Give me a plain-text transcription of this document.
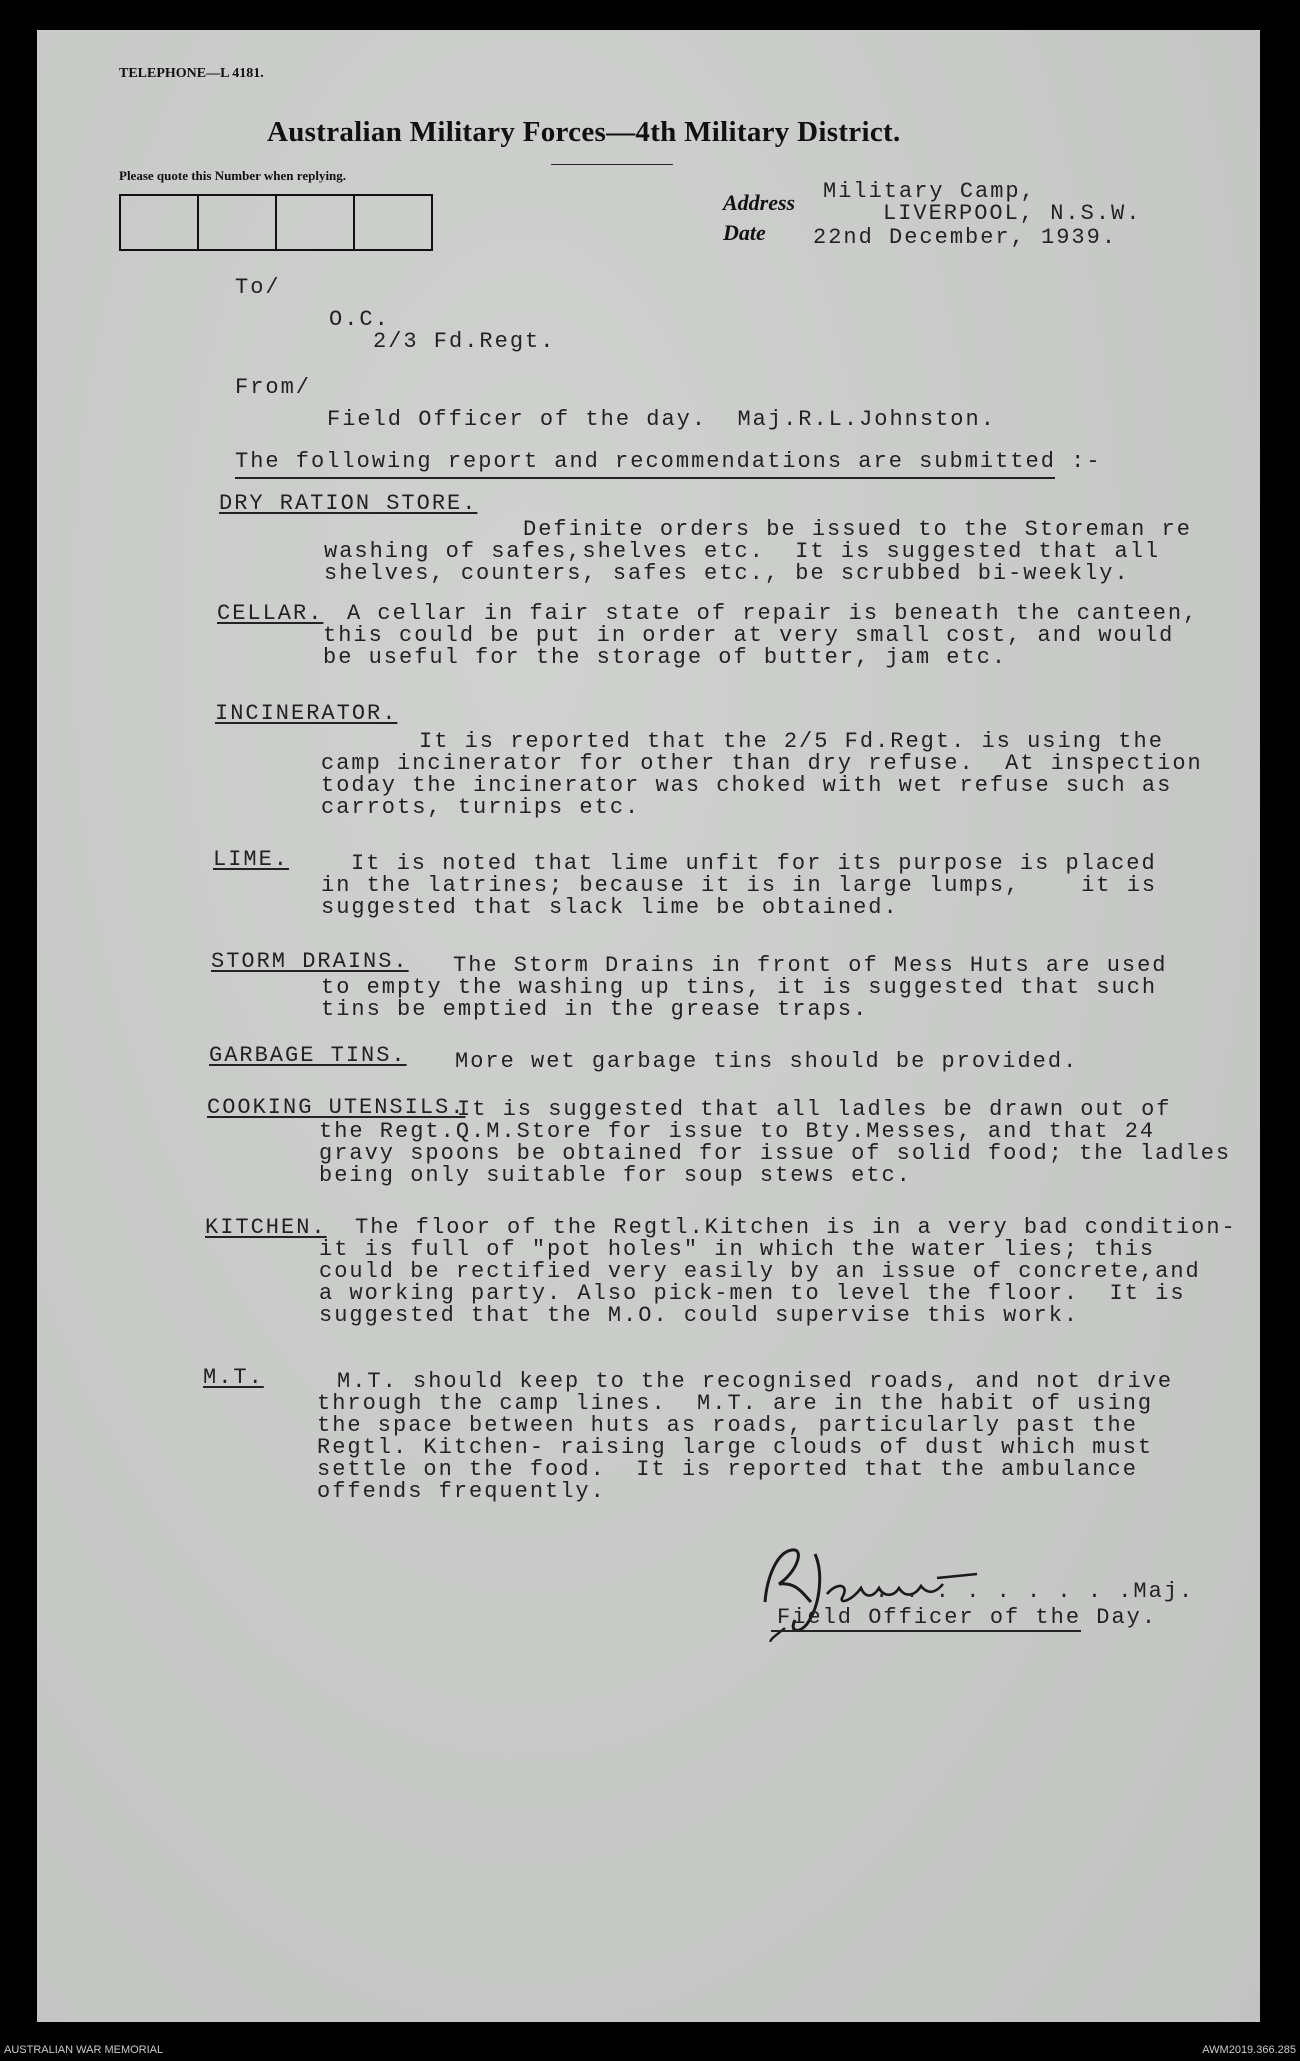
TELEPHONE—L 4181.
Australian Military Forces—4th Military District.
Please quote this Number when replying.
Address
Date
Military Camp,
LIVERPOOL, N.S.W.
22nd December, 1939.
To/
O.C.
2/3 Fd.Regt.
From/
Field Officer of the day.  Maj.R.L.Johnston.
The following report and recommendations are submitted :-
DRY RATION STORE.
Definite orders be issued to the Storeman re
washing of safes,shelves etc.  It is suggested that all
shelves, counters, safes etc., be scrubbed bi-weekly.
CELLAR. A cellar in fair state of repair is beneath the canteen,
this could be put in order at very small cost, and would
be useful for the storage of butter, jam etc.
INCINERATOR.
It is reported that the 2/5 Fd.Regt. is using the
camp incinerator for other than dry refuse.  At inspection
today the incinerator was choked with wet refuse such as
carrots, turnips etc.
LIME.	It is noted that lime unfit for its purpose is placed
in the latrines; because it is in large lumps,    it is
suggested that slack lime be obtained.
STORM DRAINS. The Storm Drains in front of Mess Huts are used
to empty the washing up tins, it is suggested that such
tins be emptied in the grease traps.
GARBAGE TINS. More wet garbage tins should be provided.
COOKING UTENSILS.
It is suggested that all ladles be drawn out of
the Regt.Q.M.Store for issue to Bty.Messes, and that 24
gravy spoons be obtained for issue of solid food; the ladles
being only suitable for soup stews etc.
KITCHEN. The floor of the Regtl.Kitchen is in a very bad condition-
it is full of "pot holes" in which the water lies; this
could be rectified very easily by an issue of concrete,and
a working party. Also pick-men to level the floor.  It is
suggested that the M.O. could supervise this work.
M.T.	M.T. should keep to the recognised roads, and not drive
through the camp lines.  M.T. are in the habit of using
the space between huts as roads, particularly past the
Regtl. Kitchen- raising large clouds of dust which must
settle on the food.  It is reported that the ambulance
offends frequently.
. . . . . . . . .Maj.
Field Officer of the Day.
AUSTRALIAN WAR MEMORIAL	AWM2019.366.285
